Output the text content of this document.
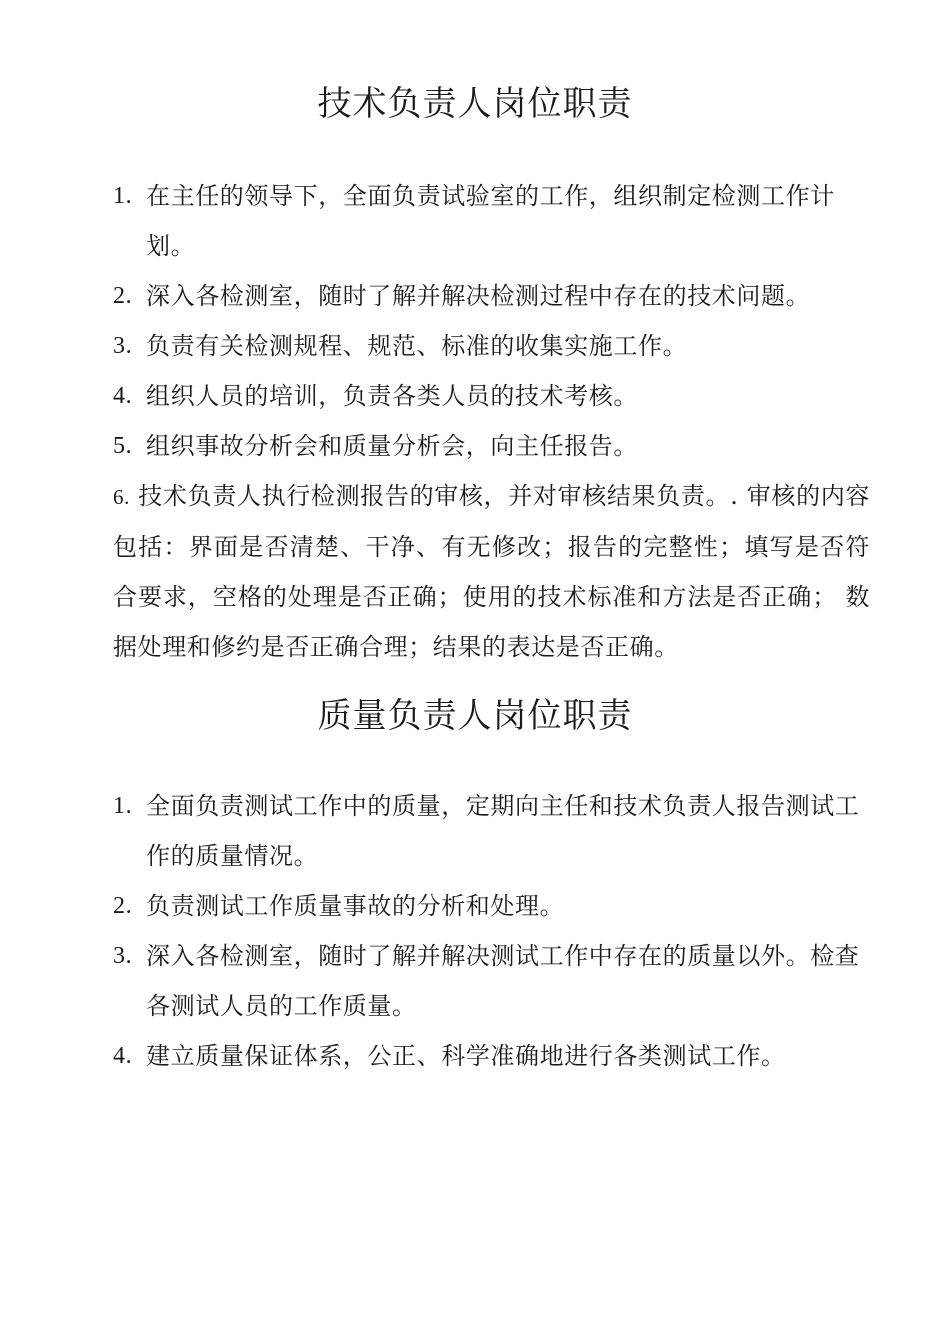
技术负责人岗位职责
1. 在主任的领导下，全面负责试验室的工作，组织制定检测工作计划。
2. 深入各检测室，随时了解并解决检测过程中存在的技术问题。
3. 负责有关检测规程、规范、标准的收集实施工作。
4. 组织人员的培训，负责各类人员的技术考核。
5. 组织事故分析会和质量分析会，向主任报告。
6. 技术负责人执行检测报告的审核，并对审核结果负责。. 审核的内容包括：界面是否清楚、干净、有无修改；报告的完整性；填写是否符合要求，空格的处理是否正确；使用的技术标准和方法是否正确； 数据处理和修约是否正确合理；结果的表达是否正确。
质量负责人岗位职责
1. 全面负责测试工作中的质量，定期向主任和技术负责人报告测试工作的质量情况。
2. 负责测试工作质量事故的分析和处理。
3. 深入各检测室，随时了解并解决测试工作中存在的质量以外。检查各测试人员的工作质量。
4. 建立质量保证体系，公正、科学准确地进行各类测试工作。
